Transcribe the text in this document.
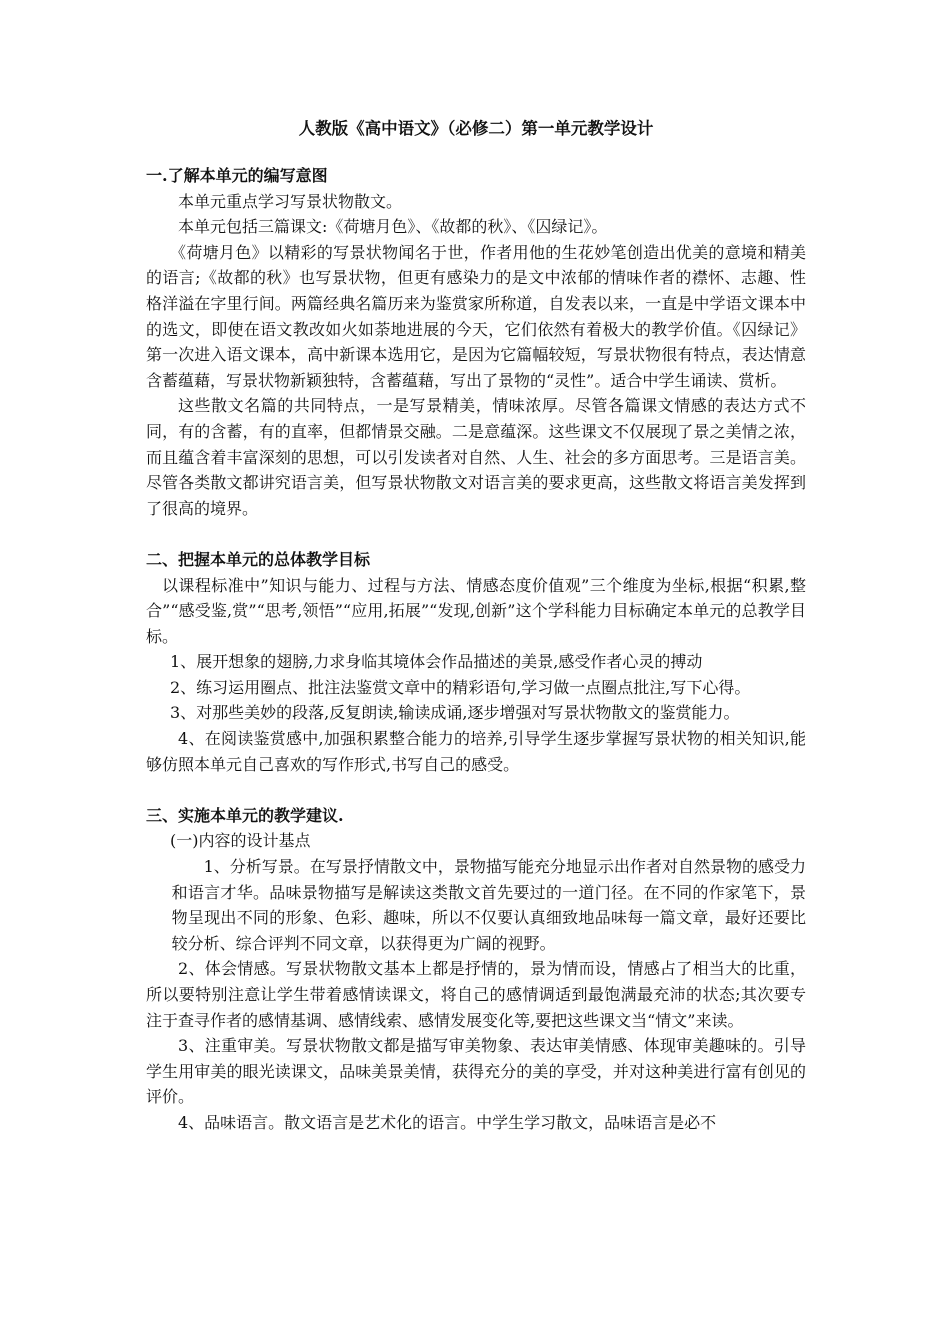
人教版《高中语文》（必修二）第一单元教学设计
一.了解本单元的编写意图

本单元重点学习写景状物散文。

本单元包括三篇课文:《荷塘月色》、《故都的秋》、《囚绿记》。

《荷塘月色》以精彩的写景状物闻名于世，作者用他的生花妙笔创造出优美的意境和精美的语言;《故都的秋》也写景状物，但更有感染力的是文中浓郁的情味作者的襟怀、志趣、性格洋溢在字里行间。两篇经典名篇历来为鉴赏家所称道，自发表以来，一直是中学语文课本中的选文，即使在语文教改如火如荼地进展的今天，它们依然有着极大的教学价值。《囚绿记》第一次进入语文课本，高中新课本选用它，是因为它篇幅较短，写景状物很有特点，表达情意含蓄蕴藉，写景状物新颖独特，含蓄蕴藉，写出了景物的“灵性”。适合中学生诵读、赏析。

这些散文名篇的共同特点，一是写景精美，情味浓厚。尽管各篇课文情感的表达方式不同，有的含蓄，有的直率，但都情景交融。二是意蕴深。这些课文不仅展现了景之美情之浓，而且蕴含着丰富深刻的思想，可以引发读者对自然、人生、社会的多方面思考。三是语言美。尽管各类散文都讲究语言美，但写景状物散文对语言美的要求更高，这些散文将语言美发挥到了很高的境界。

二、把握本单元的总体教学目标

以课程标准中”知识与能力、过程与方法、情感态度价值观”三个维度为坐标,根据“积累,整合”“感受鉴,赏”“思考,领悟”“应用,拓展”“发现,创新”这个学科能力目标确定本单元的总教学目标。

1、展开想象的翅膀,力求身临其境体会作品描述的美景,感受作者心灵的搏动

2、练习运用圈点、批注法鉴赏文章中的精彩语句,学习做一点圈点批注,写下心得。

3、对那些美妙的段落,反复朗读,输读成诵,逐步增强对写景状物散文的鉴赏能力。

4、在阅读鉴赏感中,加强积累整合能力的培养,引导学生逐步掌握写景状物的相关知识,能够仿照本单元自己喜欢的写作形式,书写自己的感受。

三、实施本单元的教学建议.

(一)内容的设计基点

1、分析写景。在写景抒情散文中，景物描写能充分地显示出作者对自然景物的感受力和语言才华。品味景物描写是解读这类散文首先要过的一道门径。在不同的作家笔下，景物呈现出不同的形象、色彩、趣味，所以不仅要认真细致地品味每一篇文章，最好还要比较分析、综合评判不同文章，以获得更为广阔的视野。

2、体会情感。写景状物散文基本上都是抒情的，景为情而设，情感占了相当大的比重，所以要特别注意让学生带着感情读课文，将自己的感情调适到最饱满最充沛的状态;其次要专注于查寻作者的感情基调、感情线索、感情发展变化等,要把这些课文当“情文”来读。

3、注重审美。写景状物散文都是描写审美物象、表达审美情感、体现审美趣味的。引导学生用审美的眼光读课文，品味美景美情，获得充分的美的享受，并对这种美进行富有创见的评价。

4、品味语言。散文语言是艺术化的语言。中学生学习散文，品味语言是必不
